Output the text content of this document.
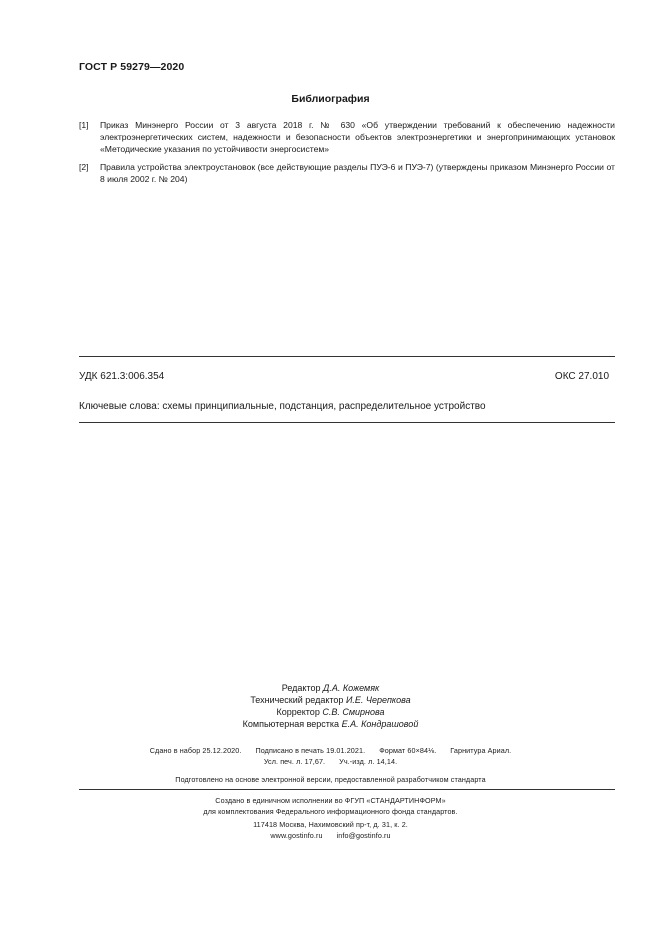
ГОСТ Р 59279—2020
Библиография
[1] Приказ Минэнерго России от 3 августа 2018 г. № 630 «Об утверждении требований к обеспечению надежности электроэнергетических систем, надежности и безопасности объектов электроэнергетики и энергопринимающих установок «Методические указания по устойчивости энергосистем»
[2] Правила устройства электроустановок (все действующие разделы ПУЭ-6 и ПУЭ-7) (утверждены приказом Минэнерго России от 8 июля 2002 г. № 204)
УДК 621.3:006.354	ОКС 27.010
Ключевые слова: схемы принципиальные, подстанция, распределительное устройство
Редактор Д.А. Кожемяк
Технический редактор И.Е. Черепкова
Корректор С.В. Смирнова
Компьютерная верстка Е.А. Кондрашовой
Сдано в набор 25.12.2020. Подписано в печать 19.01.2021. Формат 60×84⅛. Гарнитура Ариал.
Усл. печ. л. 17,67. Уч.-изд. л. 14,14.
Подготовлено на основе электронной версии, предоставленной разработчиком стандарта
Создано в единичном исполнении во ФГУП «СТАНДАРТИНФОРМ»
для комплектования Федерального информационного фонда стандартов.
117418 Москва, Нахимовский пр-т, д. 31, к. 2.
www.gostinfo.ru info@gostinfo.ru
